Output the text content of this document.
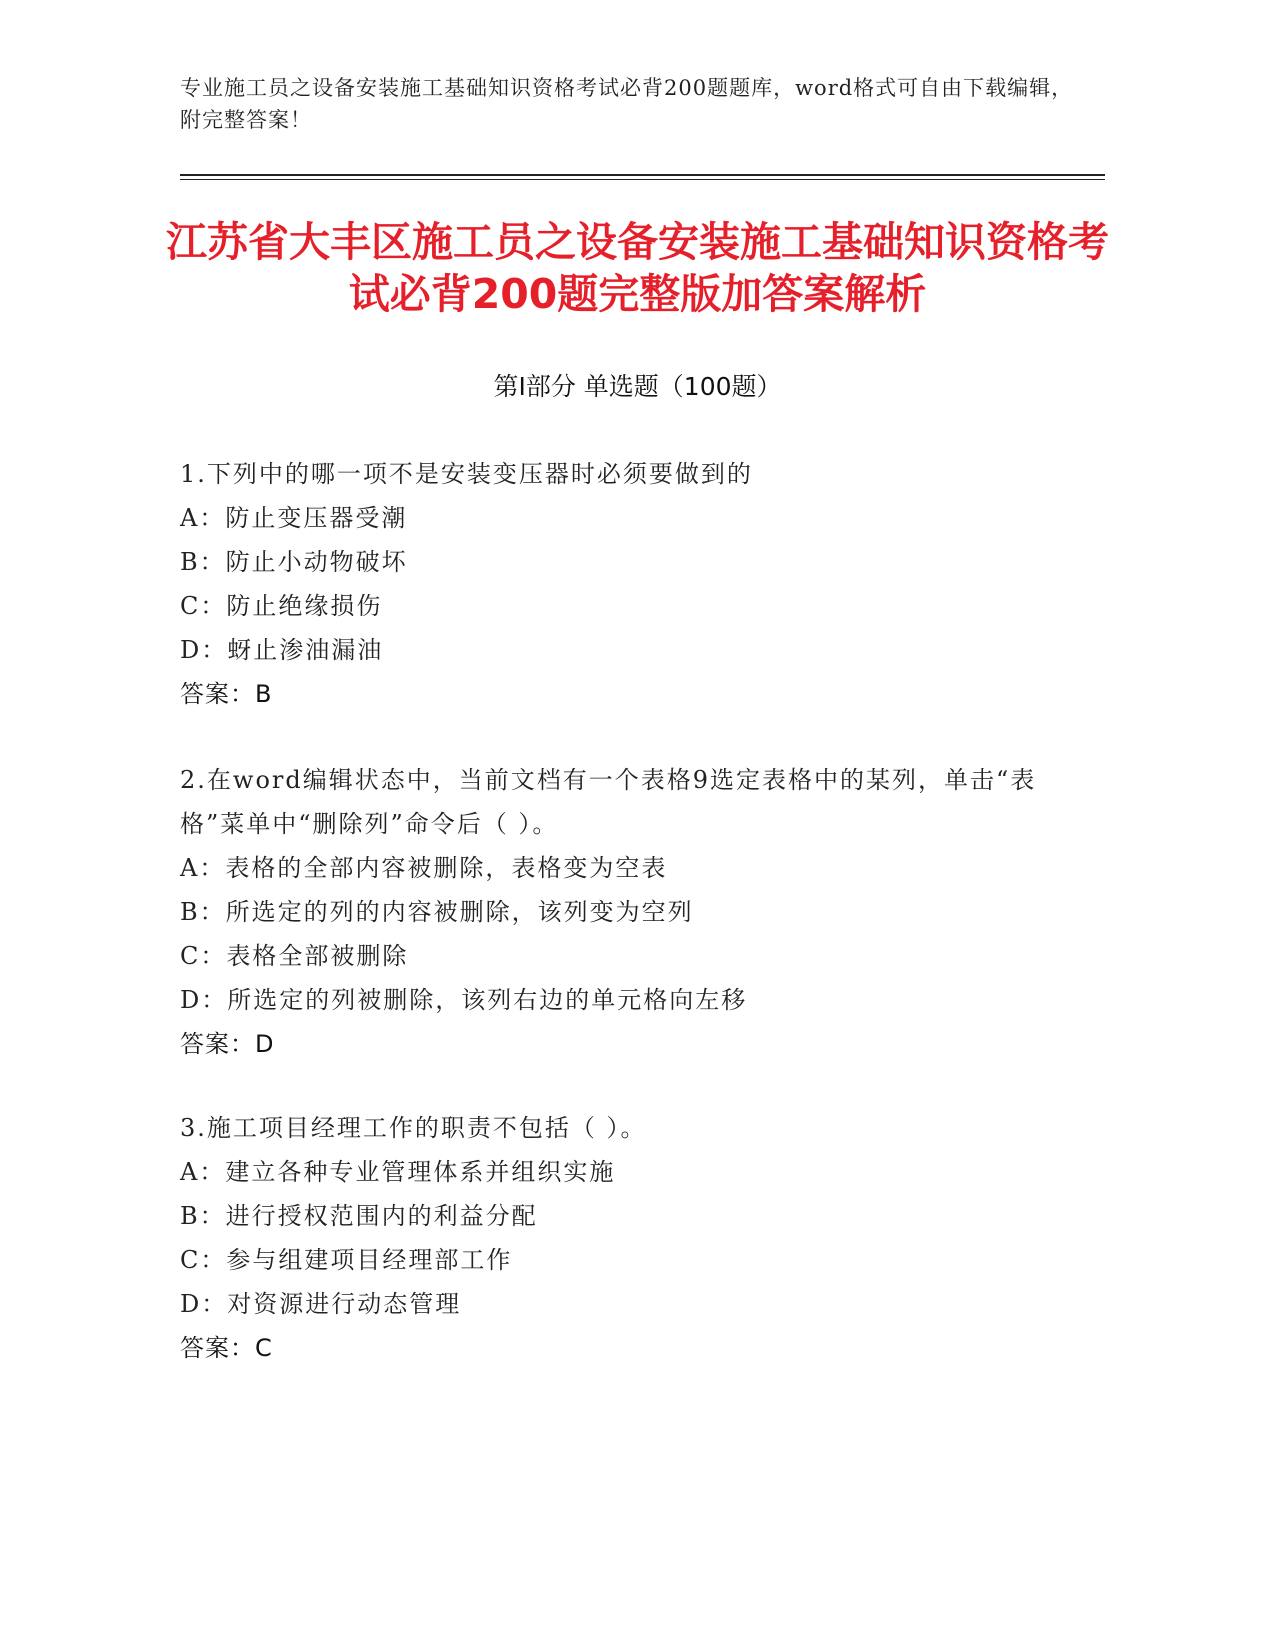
专业施工员之设备安装施工基础知识资格考试必背200题题库，word格式可自由下载编辑，附完整答案！
江苏省大丰区施工员之设备安装施工基础知识资格考试必背200题完整版加答案解析
第I部分 单选题（100题）
1.下列中的哪一项不是安装变压器时必须要做到的
A：防止变压器受潮
B：防止小动物破坏
C：防止绝缘损伤
D：蚜止渗油漏油
答案：B
2.在word编辑状态中，当前文档有一个表格9选定表格中的某列，单击“表格”菜单中“删除列”命令后（ ）。
A：表格的全部内容被删除，表格变为空表
B：所选定的列的内容被删除，该列变为空列
C：表格全部被删除
D：所选定的列被删除，该列右边的单元格向左移
答案：D
3.施工项目经理工作的职责不包括（ ）。
A：建立各种专业管理体系并组织实施
B：进行授权范围内的利益分配
C：参与组建项目经理部工作
D：对资源进行动态管理
答案：C
